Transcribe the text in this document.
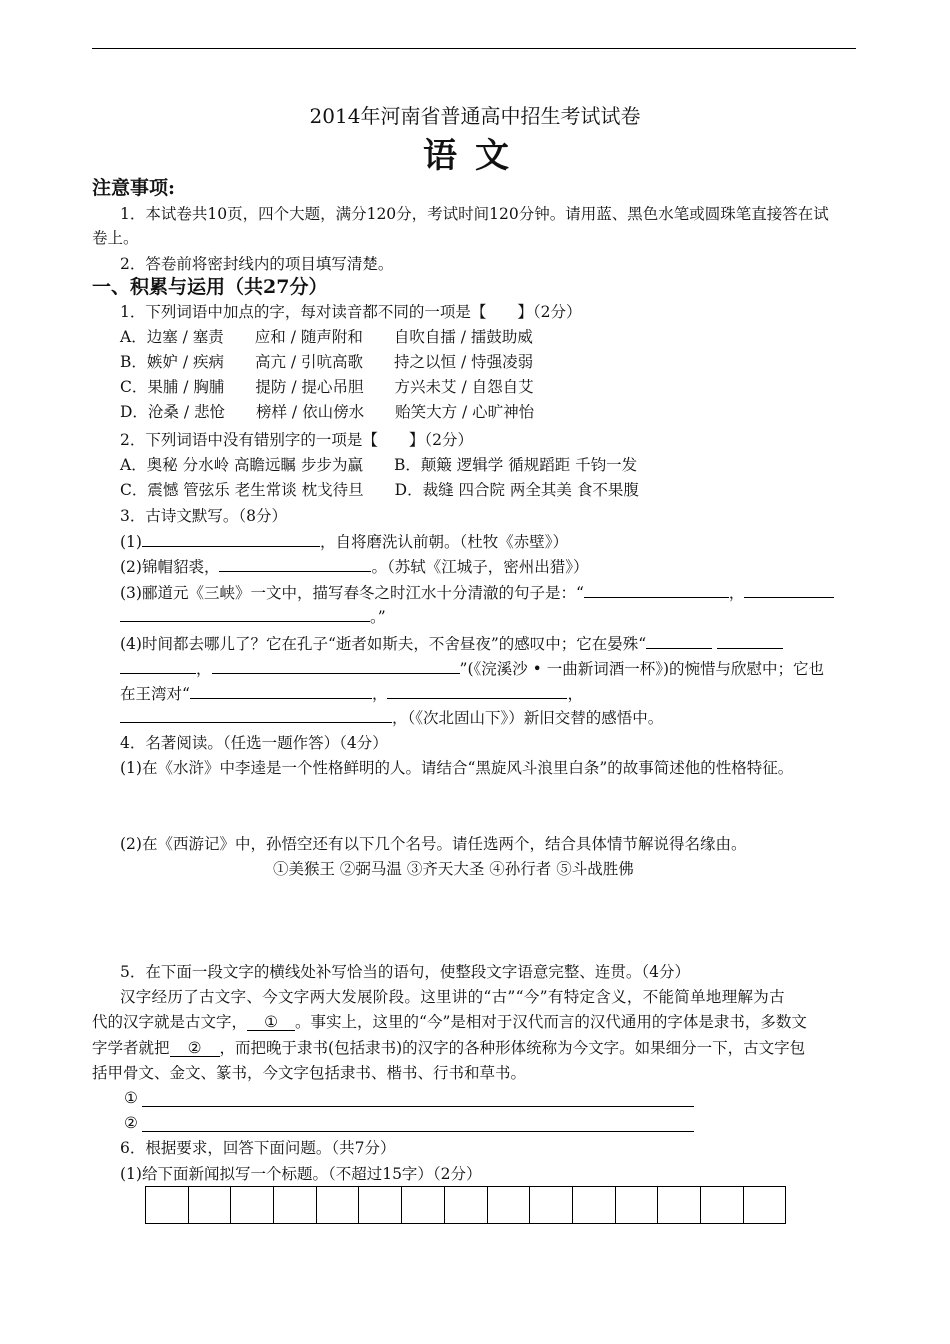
2014年河南省普通高中招生考试试卷
语文
注意事项:
1．本试卷共10页，四个大题，满分120分，考试时间120分钟。请用蓝、黑色水笔或圆珠笔直接答在试
卷上。
2．答卷前将密封线内的项目填写清楚。
一、积累与运用（共27分）
1．下列词语中加点的字，每对读音都不同的一项是【　　】（2分）
A．边塞 / 塞责　　应和 / 随声附和　　自吹自擂 / 擂鼓助威
B．嫉妒 / 疾病　　高亢 / 引吭高歌　　持之以恒 / 恃强凌弱
C．果脯 / 胸脯　　提防 / 提心吊胆　　方兴未艾 / 自怨自艾
D．沧桑 / 悲怆　　榜样 / 依山傍水　　贻笑大方 / 心旷神怡
2．下列词语中没有错别字的一项是【　　】（2分）
A．奥秘 分水岭 高瞻远瞩 步步为赢　　B．颠簸 逻辑学 循规蹈距 千钧一发
C．震憾 管弦乐 老生常谈 枕戈待旦　　D．裁缝 四合院 两全其美 食不果腹
3．古诗文默写。（8分）
(1)	，自将磨洗认前朝。（杜牧《赤壁》）
(2)锦帽貂裘，	。（苏轼《江城子，密州出猎》）
(3)郦道元《三峡》一文中，描写春冬之时江水十分清澈的句子是：“	，
。”
(4)时间都去哪儿了？它在孔子“逝者如斯夫，不舍昼夜”的感叹中；它在晏殊“
，	”(《浣溪沙 • 一曲新词酒一杯》)的惋惜与欣慰中；它也
在王湾对“	，	，
，（《次北固山下》）新旧交替的感悟中。
4．名著阅读。（任选一题作答）（4分）
(1)在《水浒》中李逵是一个性格鲜明的人。请结合“黑旋风斗浪里白条”的故事简述他的性格特征。
(2)在《西游记》中，孙悟空还有以下几个名号。请任选两个，结合具体情节解说得名缘由。
①美猴王 ②弼马温 ③齐天大圣 ④孙行者 ⑤斗战胜佛
5．在下面一段文字的横线处补写恰当的语句，使整段文字语意完整、连贯。（4分）
汉字经历了古文字、今文字两大发展阶段。这里讲的“古”“今”有特定含义，不能简单地理解为古
代的汉字就是古文字， ① 。事实上，这里的“今”是相对于汉代而言的汉代通用的字体是隶书，多数文
字学者就把 ② ，而把晚于隶书(包括隶书)的汉字的各种形体统称为今文字。如果细分一下，古文字包
括甲骨文、金文、篆书，今文字包括隶书、楷书、行书和草书。
①
②
6．根据要求，回答下面问题。（共7分）
(1)给下面新闻拟写一个标题。（不超过15字）（2分）
